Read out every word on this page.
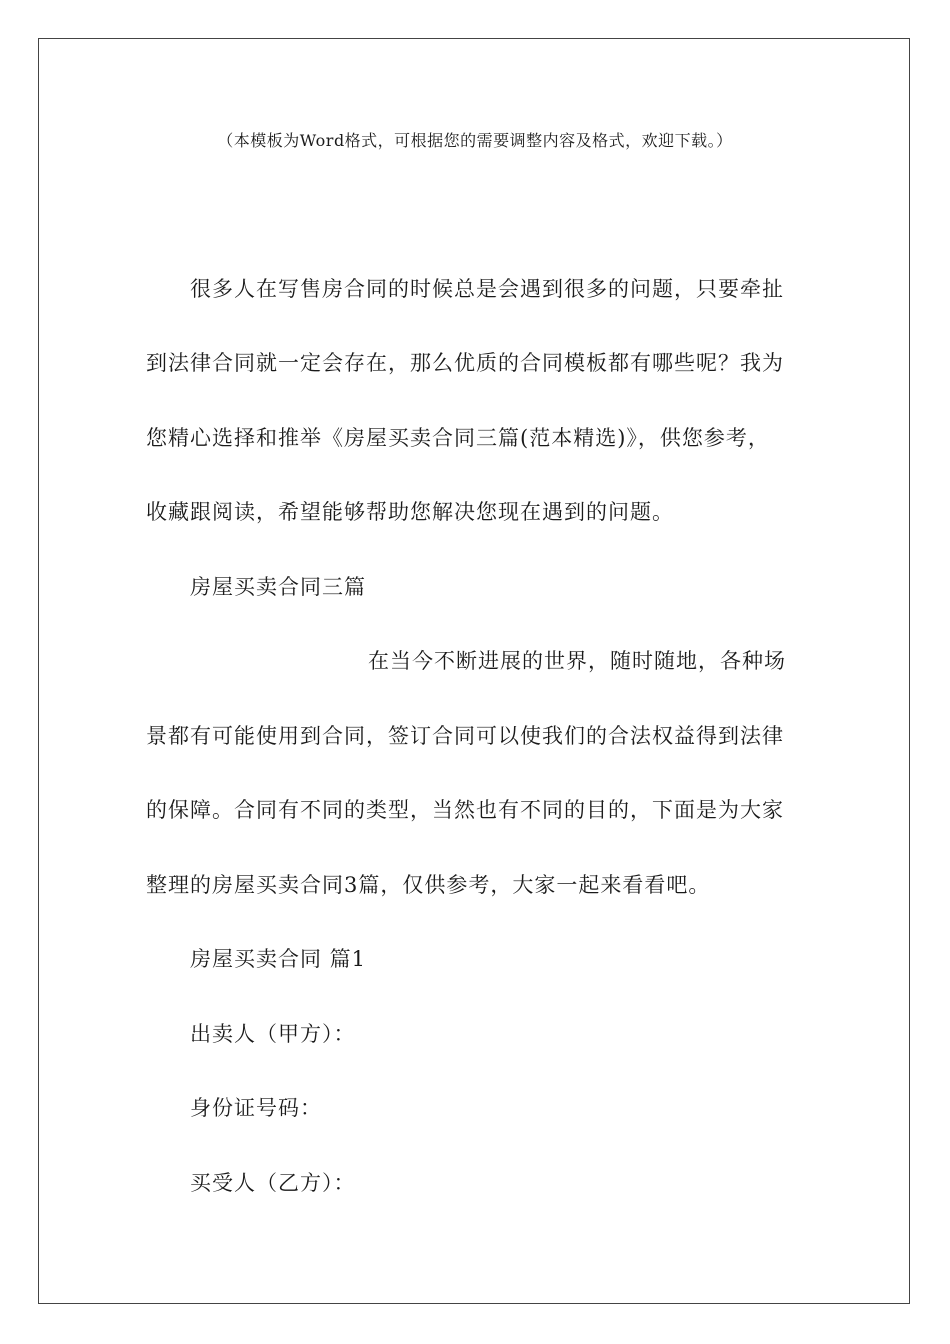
（本模板为Word格式，可根据您的需要调整内容及格式，欢迎下载。）
很多人在写售房合同的时候总是会遇到很多的问题，只要牵扯
到法律合同就一定会存在，那么优质的合同模板都有哪些呢？我为
您精心选择和推举《房屋买卖合同三篇(范本精选)》，供您参考，
收藏跟阅读，希望能够帮助您解决您现在遇到的问题。
房屋买卖合同三篇
在当今不断进展的世界，随时随地，各种场
景都有可能使用到合同，签订合同可以使我们的合法权益得到法律
的保障。合同有不同的类型，当然也有不同的目的，下面是为大家
整理的房屋买卖合同3篇，仅供参考，大家一起来看看吧。
房屋买卖合同 篇1
出卖人（甲方）：
身份证号码：
买受人（乙方）：
